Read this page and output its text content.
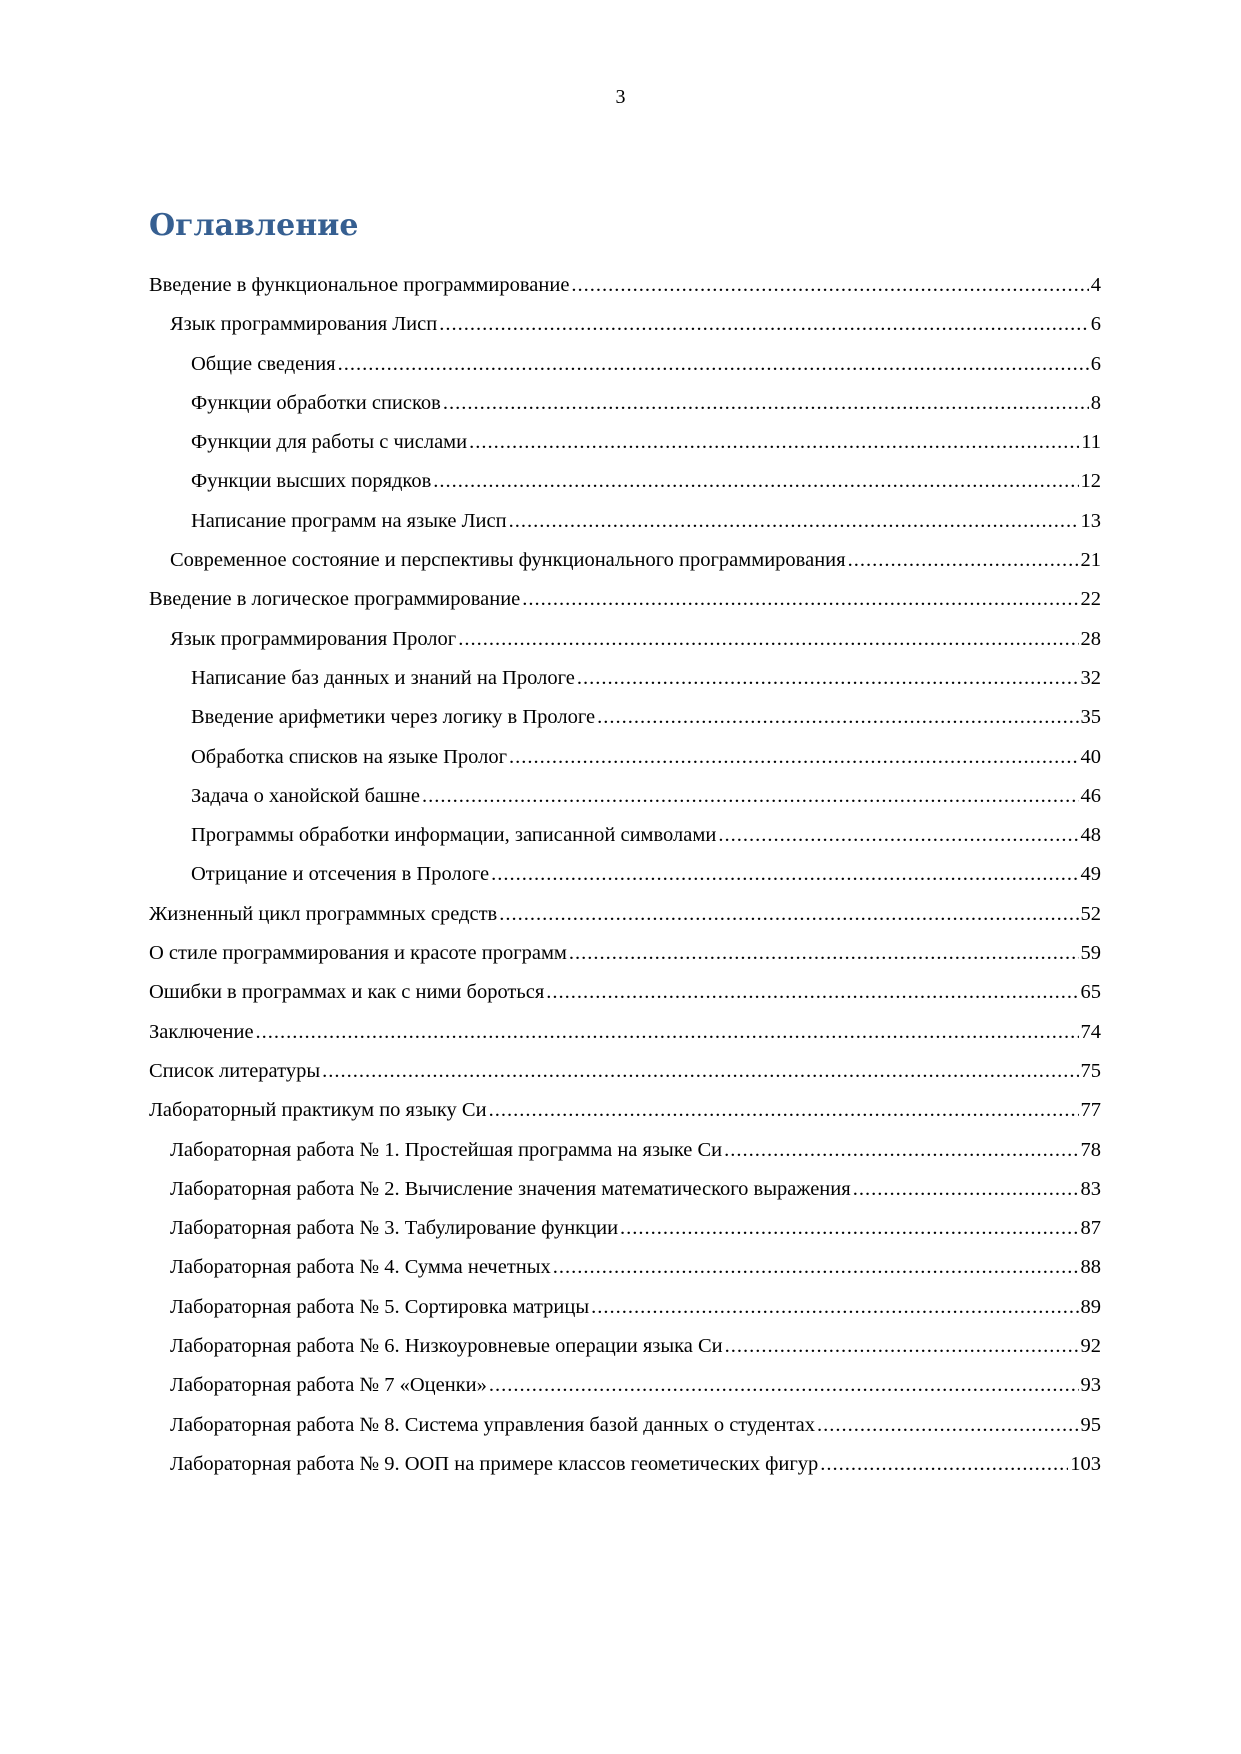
3
Оглавление
Введение в функциональное программирование .....	4
Язык программирования Лисп .....	6
Общие сведения .....	6
Функции обработки списков .....	8
Функции для работы с числами .....	11
Функции высших порядков .....	12
Написание программ на языке Лисп .....	13
Современное состояние и перспективы функционального программирования .....	21
Введение в логическое программирование .....	22
Язык программирования Пролог .....	28
Написание баз данных и знаний на Прологе .....	32
Введение арифметики через логику в Прологе .....	35
Обработка списков на языке Пролог .....	40
Задача о ханойской башне .....	46
Программы обработки информации, записанной символами .....	48
Отрицание и отсечения в Прологе .....	49
Жизненный цикл программных средств .....	52
О стиле программирования и красоте программ .....	59
Ошибки в программах и как с ними бороться .....	65
Заключение .....	74
Список литературы .....	75
Лабораторный практикум по языку Си .....	77
Лабораторная работа № 1. Простейшая программа на языке Си .....	78
Лабораторная работа № 2. Вычисление значения математического выражения .....	83
Лабораторная работа № 3. Табулирование функции .....	87
Лабораторная работа № 4. Сумма нечетных .....	88
Лабораторная работа № 5. Сортировка матрицы .....	89
Лабораторная работа № 6. Низкоуровневые операции языка Си .....	92
Лабораторная работа № 7 «Оценки» .....	93
Лабораторная работа № 8. Система управления базой данных о студентах .....	95
Лабораторная работа № 9. ООП на примере классов геометических фигур .....	103
